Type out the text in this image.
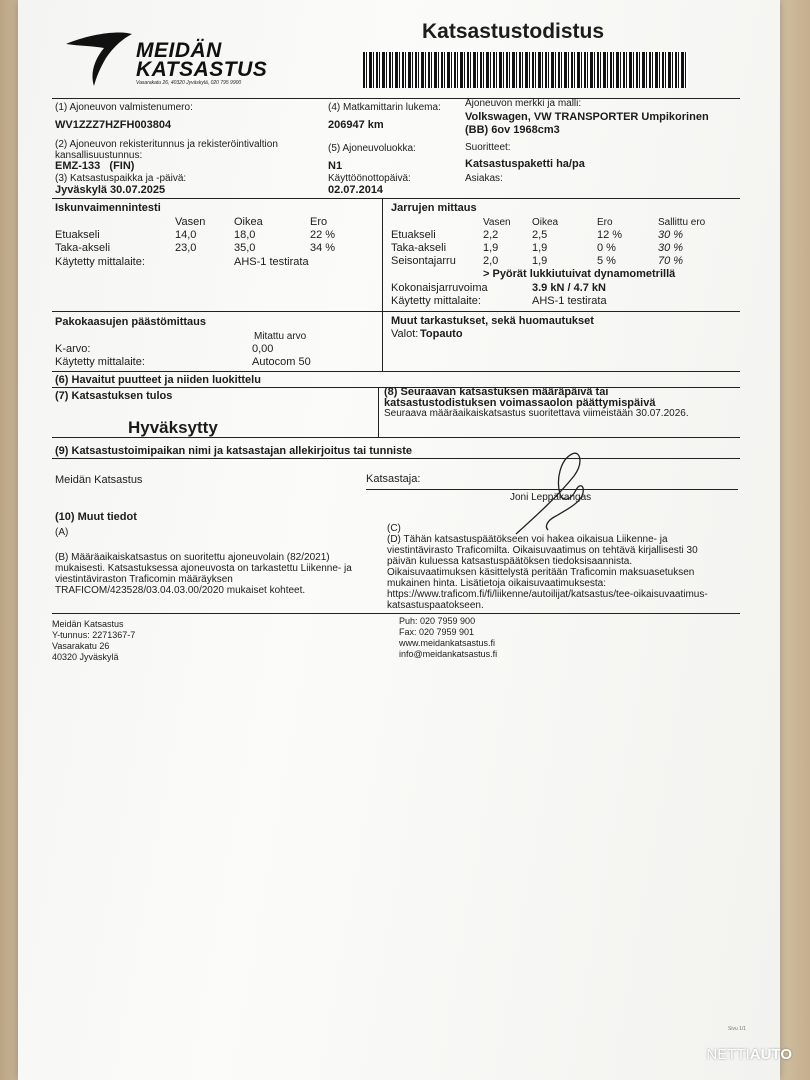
MEIDÄN
KATSASTUS
Vasarakatu 26, 40320 Jyväskylä, 020 795 9900
Katsastustodistus
(1) Ajoneuvon valmistenumero:
WV1ZZZ7HZFH003804
(4) Matkamittarin lukema:
206947 km
Ajoneuvon merkki ja malli:
Volkswagen, VW TRANSPORTER Umpikorinen
(BB) 6ov 1968cm3
(2) Ajoneuvon rekisteritunnus ja rekisteröintivaltion
kansallisuustunnus:
EMZ-133   (FIN)
(5) Ajoneuvoluokka:
N1
Suoritteet:
Katsastuspaketti ha/pa
(3) Katsastuspaikka ja -päivä:
Jyväskylä 30.07.2025
Käyttöönottopäivä:
02.07.2014
Asiakas:
Iskunvaimennintesti
Vasen	Oikea	Ero
Etuakseli	14,0	18,0	22 %
Taka-akseli	23,0	35,0	34 %
Käytetty mittalaite:	AHS-1 testirata
Jarrujen mittaus
Vasen Oikea	Ero	Sallittu ero
Etuakseli	2,2	2,5	12 %	30 %
Taka-akseli	1,9	1,9	0 %	30 %
Seisontajarru 2,0	1,9	5 %	70 %
> Pyörät lukkiutuivat dynamometrillä
Kokonaisjarruvoima	3.9 kN / 4.7 kN
Käytetty mittalaite:	AHS-1 testirata
Pakokaasujen päästömittaus
Mitattu arvo
K-arvo:	0,00
Käytetty mittalaite:	Autocom 50
Muut tarkastukset, sekä huomautukset
Valot: Topauto
(6) Havaitut puutteet ja niiden luokittelu
(7) Katsastuksen tulos
Hyväksytty
(8) Seuraavan katsastuksen määräpäivä tai
katsastustodistuksen voimassaolon päättymispäivä
Seuraava määräaikaiskatsastus suoritettava viimeistään 30.07.2026.
(9) Katsastustoimipaikan nimi ja katsastajan allekirjoitus tai tunniste
Meidän Katsastus	Katsastaja:
Joni Leppäkangas
(10) Muut tiedot
(A)
(B) Määräaikaiskatsastus on suoritettu ajoneuvolain (82/2021)
mukaisesti. Katsastuksessa ajoneuvosta on tarkastettu Liikenne- ja
viestintäviraston Traficomin määräyksen
TRAFICOM/423528/03.04.03.00/2020 mukaiset kohteet.
(C)
(D) Tähän katsastuspäätökseen voi hakea oikaisua Liikenne- ja
viestintävirasto Traficomilta. Oikaisuvaatimus on tehtävä kirjallisesti 30
päivän kuluessa katsastuspäätöksen tiedoksisaannista.
Oikaisuvaatimuksen käsittelystä peritään Traficomin maksuasetuksen
mukainen hinta. Lisätietoja oikaisuvaatimuksesta:
https://www.traficom.fi/fi/liikenne/autoilijat/katsastus/tee-oikaisuvaatimus-
katsastuspaatokseen.
Meidän Katsastus
Y-tunnus: 2271367-7
Vasarakatu 26
40320 Jyväskylä
Puh: 020 7959 900
Fax: 020 7959 901
www.meidankatsastus.fi
info@meidankatsastus.fi
Sivu 1/1
NETTIAUTO
